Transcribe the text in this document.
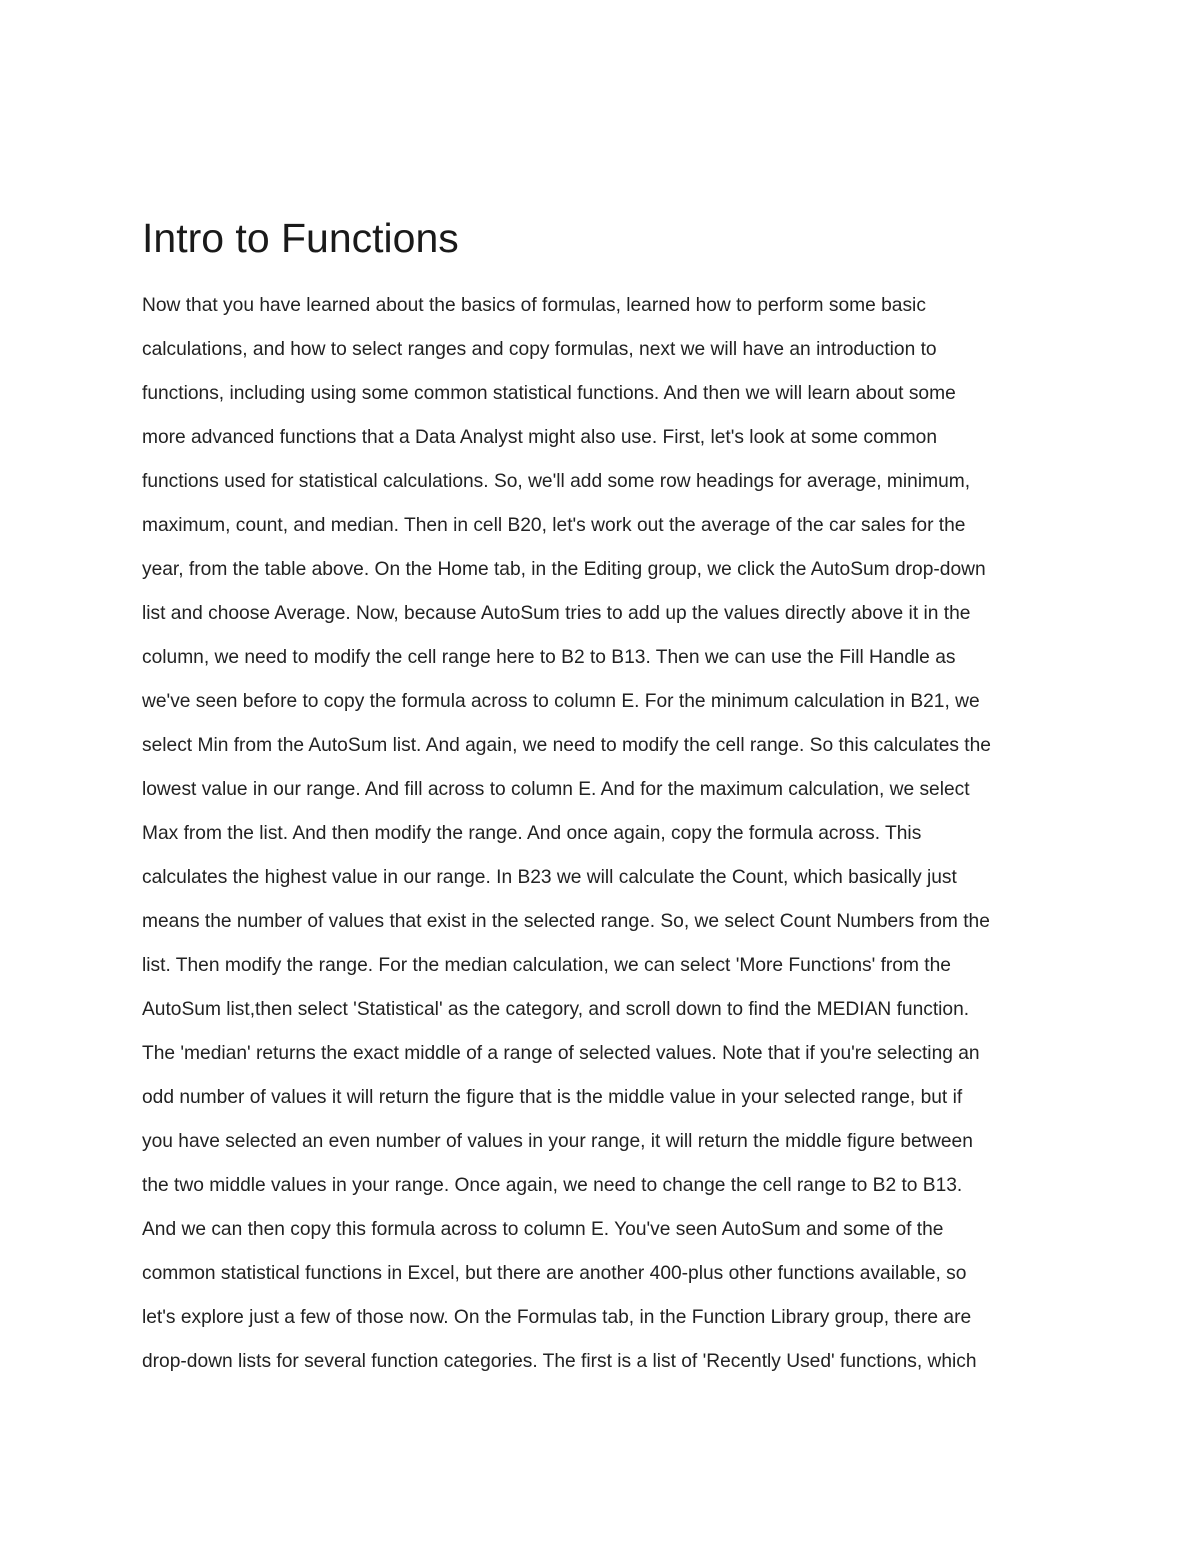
Intro to Functions
Now that you have learned about the basics of formulas, learned how to perform some basic
calculations, and how to select ranges and copy formulas, next we will have an introduction to
functions, including using some common statistical functions. And then we will learn about some
more advanced functions that a Data Analyst might also use. First, let's look at some common
functions used for statistical calculations. So, we'll add some row headings for average, minimum,
maximum, count, and median. Then in cell B20, let's work out the average of the car sales for the
year, from the table above. On the Home tab, in the Editing group, we click the AutoSum drop-down
list and choose Average. Now, because AutoSum tries to add up the values directly above it in the
column, we need to modify the cell range here to B2 to B13. Then we can use the Fill Handle as
we've seen before to copy the formula across to column E. For the minimum calculation in B21, we
select Min from the AutoSum list. And again, we need to modify the cell range. So this calculates the
lowest value in our range. And fill across to column E. And for the maximum calculation, we select
Max from the list. And then modify the range. And once again, copy the formula across. This
calculates the highest value in our range. In B23 we will calculate the Count, which basically just
means the number of values that exist in the selected range. So, we select Count Numbers from the
list. Then modify the range. For the median calculation, we can select 'More Functions' from the
AutoSum list,then select 'Statistical' as the category, and scroll down to find the MEDIAN function.
The 'median' returns the exact middle of a range of selected values. Note that if you're selecting an
odd number of values it will return the figure that is the middle value in your selected range, but if
you have selected an even number of values in your range, it will return the middle figure between
the two middle values in your range. Once again, we need to change the cell range to B2 to B13.
And we can then copy this formula across to column E. You've seen AutoSum and some of the
common statistical functions in Excel, but there are another 400-plus other functions available, so
let's explore just a few of those now. On the Formulas tab, in the Function Library group, there are
drop-down lists for several function categories. The first is a list of 'Recently Used' functions, which
